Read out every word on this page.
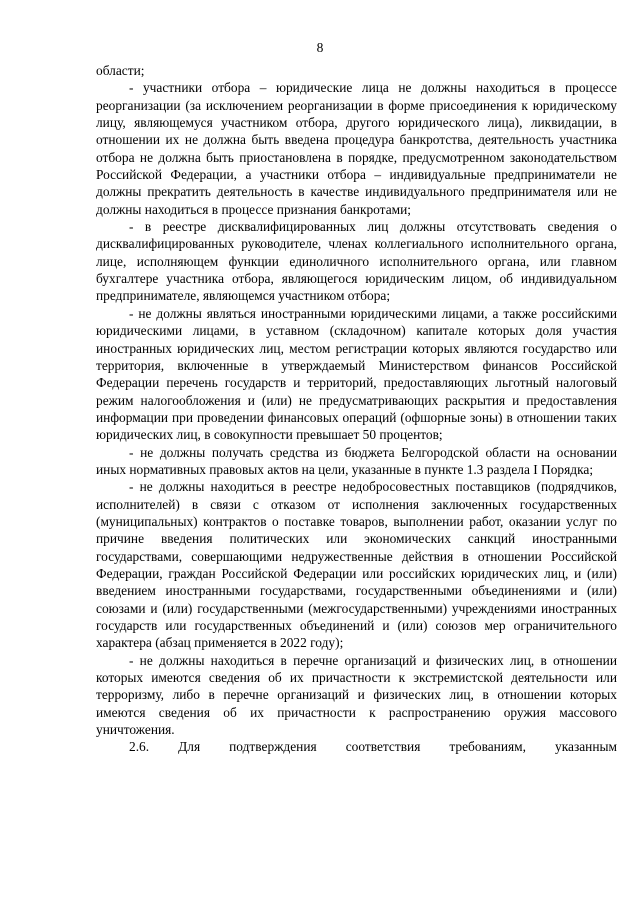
8

области;

- участники отбора – юридические лица не должны находиться в процессе реорганизации (за исключением реорганизации в форме присоединения к юридическому лицу, являющемуся участником отбора, другого юридического лица), ликвидации, в отношении их не должна быть введена процедура банкротства, деятельность участника отбора не должна быть приостановлена в порядке, предусмотренном законодательством Российской Федерации, а участники отбора – индивидуальные предприниматели не должны прекратить деятельность в качестве индивидуального предпринимателя или не должны находиться в процессе признания банкротами;

- в реестре дисквалифицированных лиц должны отсутствовать сведения о дисквалифицированных руководителе, членах коллегиального исполнительного органа, лице, исполняющем функции единоличного исполнительного органа, или главном бухгалтере участника отбора, являющегося юридическим лицом, об индивидуальном предпринимателе, являющемся участником отбора;

- не должны являться иностранными юридическими лицами, а также российскими юридическими лицами, в уставном (складочном) капитале которых доля участия иностранных юридических лиц, местом регистрации которых являются государство или территория, включенные в утверждаемый Министерством финансов Российской Федерации перечень государств и территорий, предоставляющих льготный налоговый режим налогообложения и (или) не предусматривающих раскрытия и предоставления информации при проведении финансовых операций (офшорные зоны) в отношении таких юридических лиц, в совокупности превышает 50 процентов;

- не должны получать средства из бюджета Белгородской области на основании иных нормативных правовых актов на цели, указанные в пункте 1.3 раздела I Порядка;

- не должны находиться в реестре недобросовестных поставщиков (подрядчиков, исполнителей) в связи с отказом от исполнения заключенных государственных (муниципальных) контрактов о поставке товаров, выполнении работ, оказании услуг по причине введения политических или экономических санкций иностранными государствами, совершающими недружественные действия в отношении Российской Федерации, граждан Российской Федерации или российских юридических лиц, и (или) введением иностранными государствами, государственными объединениями и (или) союзами и (или) государственными (межгосударственными) учреждениями иностранных государств или государственных объединений и (или) союзов мер ограничительного характера (абзац применяется в 2022 году);

- не должны находиться в перечне организаций и физических лиц, в отношении которых имеются сведения об их причастности к экстремистской деятельности или терроризму, либо в перечне организаций и физических лиц, в отношении которых имеются сведения об их причастности к распространению оружия массового уничтожения.

2.6. Для подтверждения соответствия требованиям, указанным
